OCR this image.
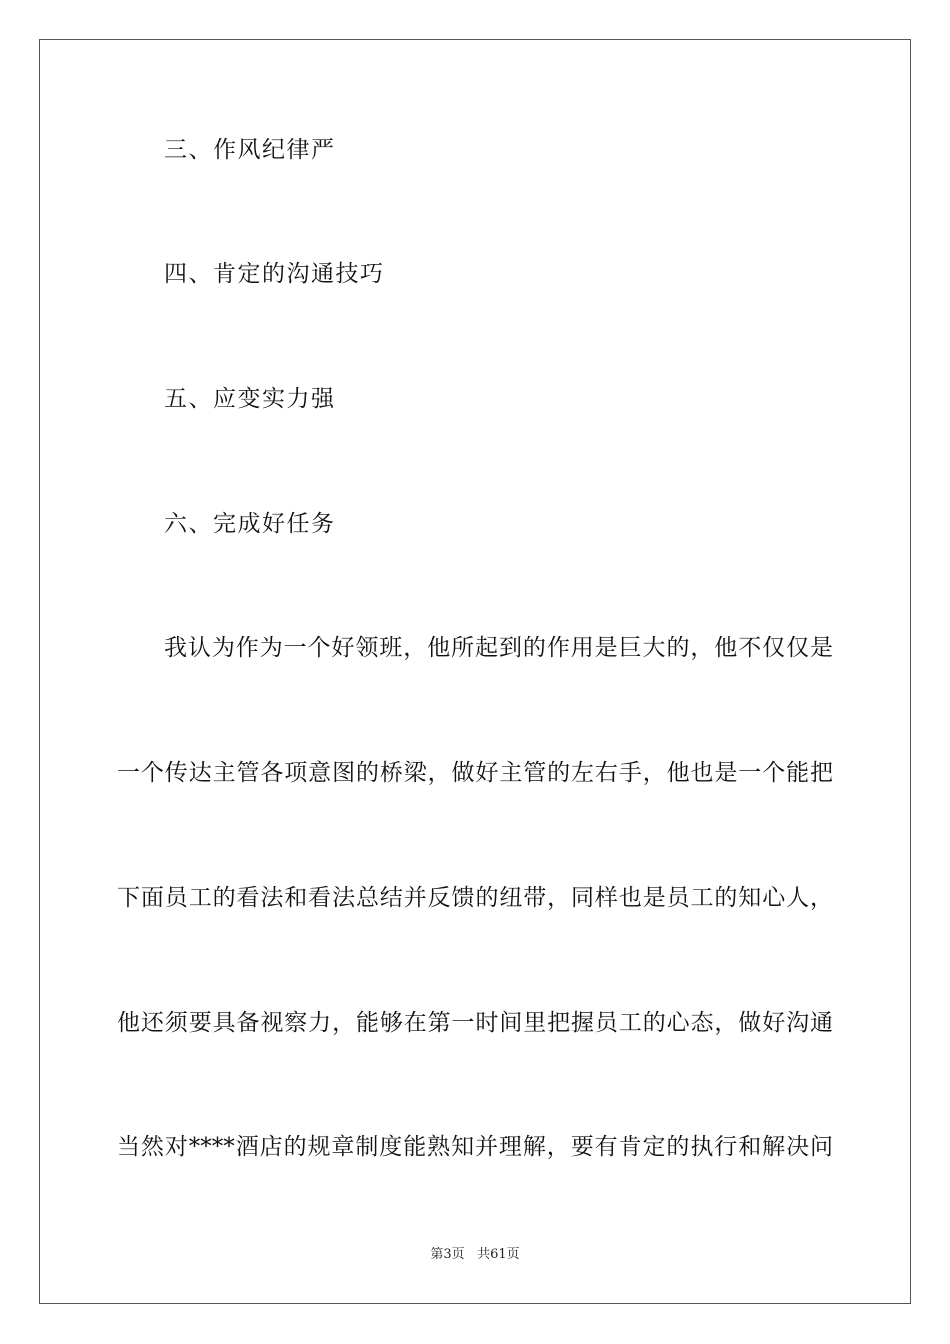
三、作风纪律严
四、肯定的沟通技巧
五、应变实力强
六、完成好任务
我认为作为一个好领班，他所起到的作用是巨大的，他不仅仅是
一个传达主管各项意图的桥梁，做好主管的左右手，他也是一个能把
下面员工的看法和看法总结并反馈的纽带，同样也是员工的知心人，
他还须要具备视察力，能够在第一时间里把握员工的心态，做好沟通
当然对****酒店的规章制度能熟知并理解，要有肯定的执行和解决问
第3页 共61页
